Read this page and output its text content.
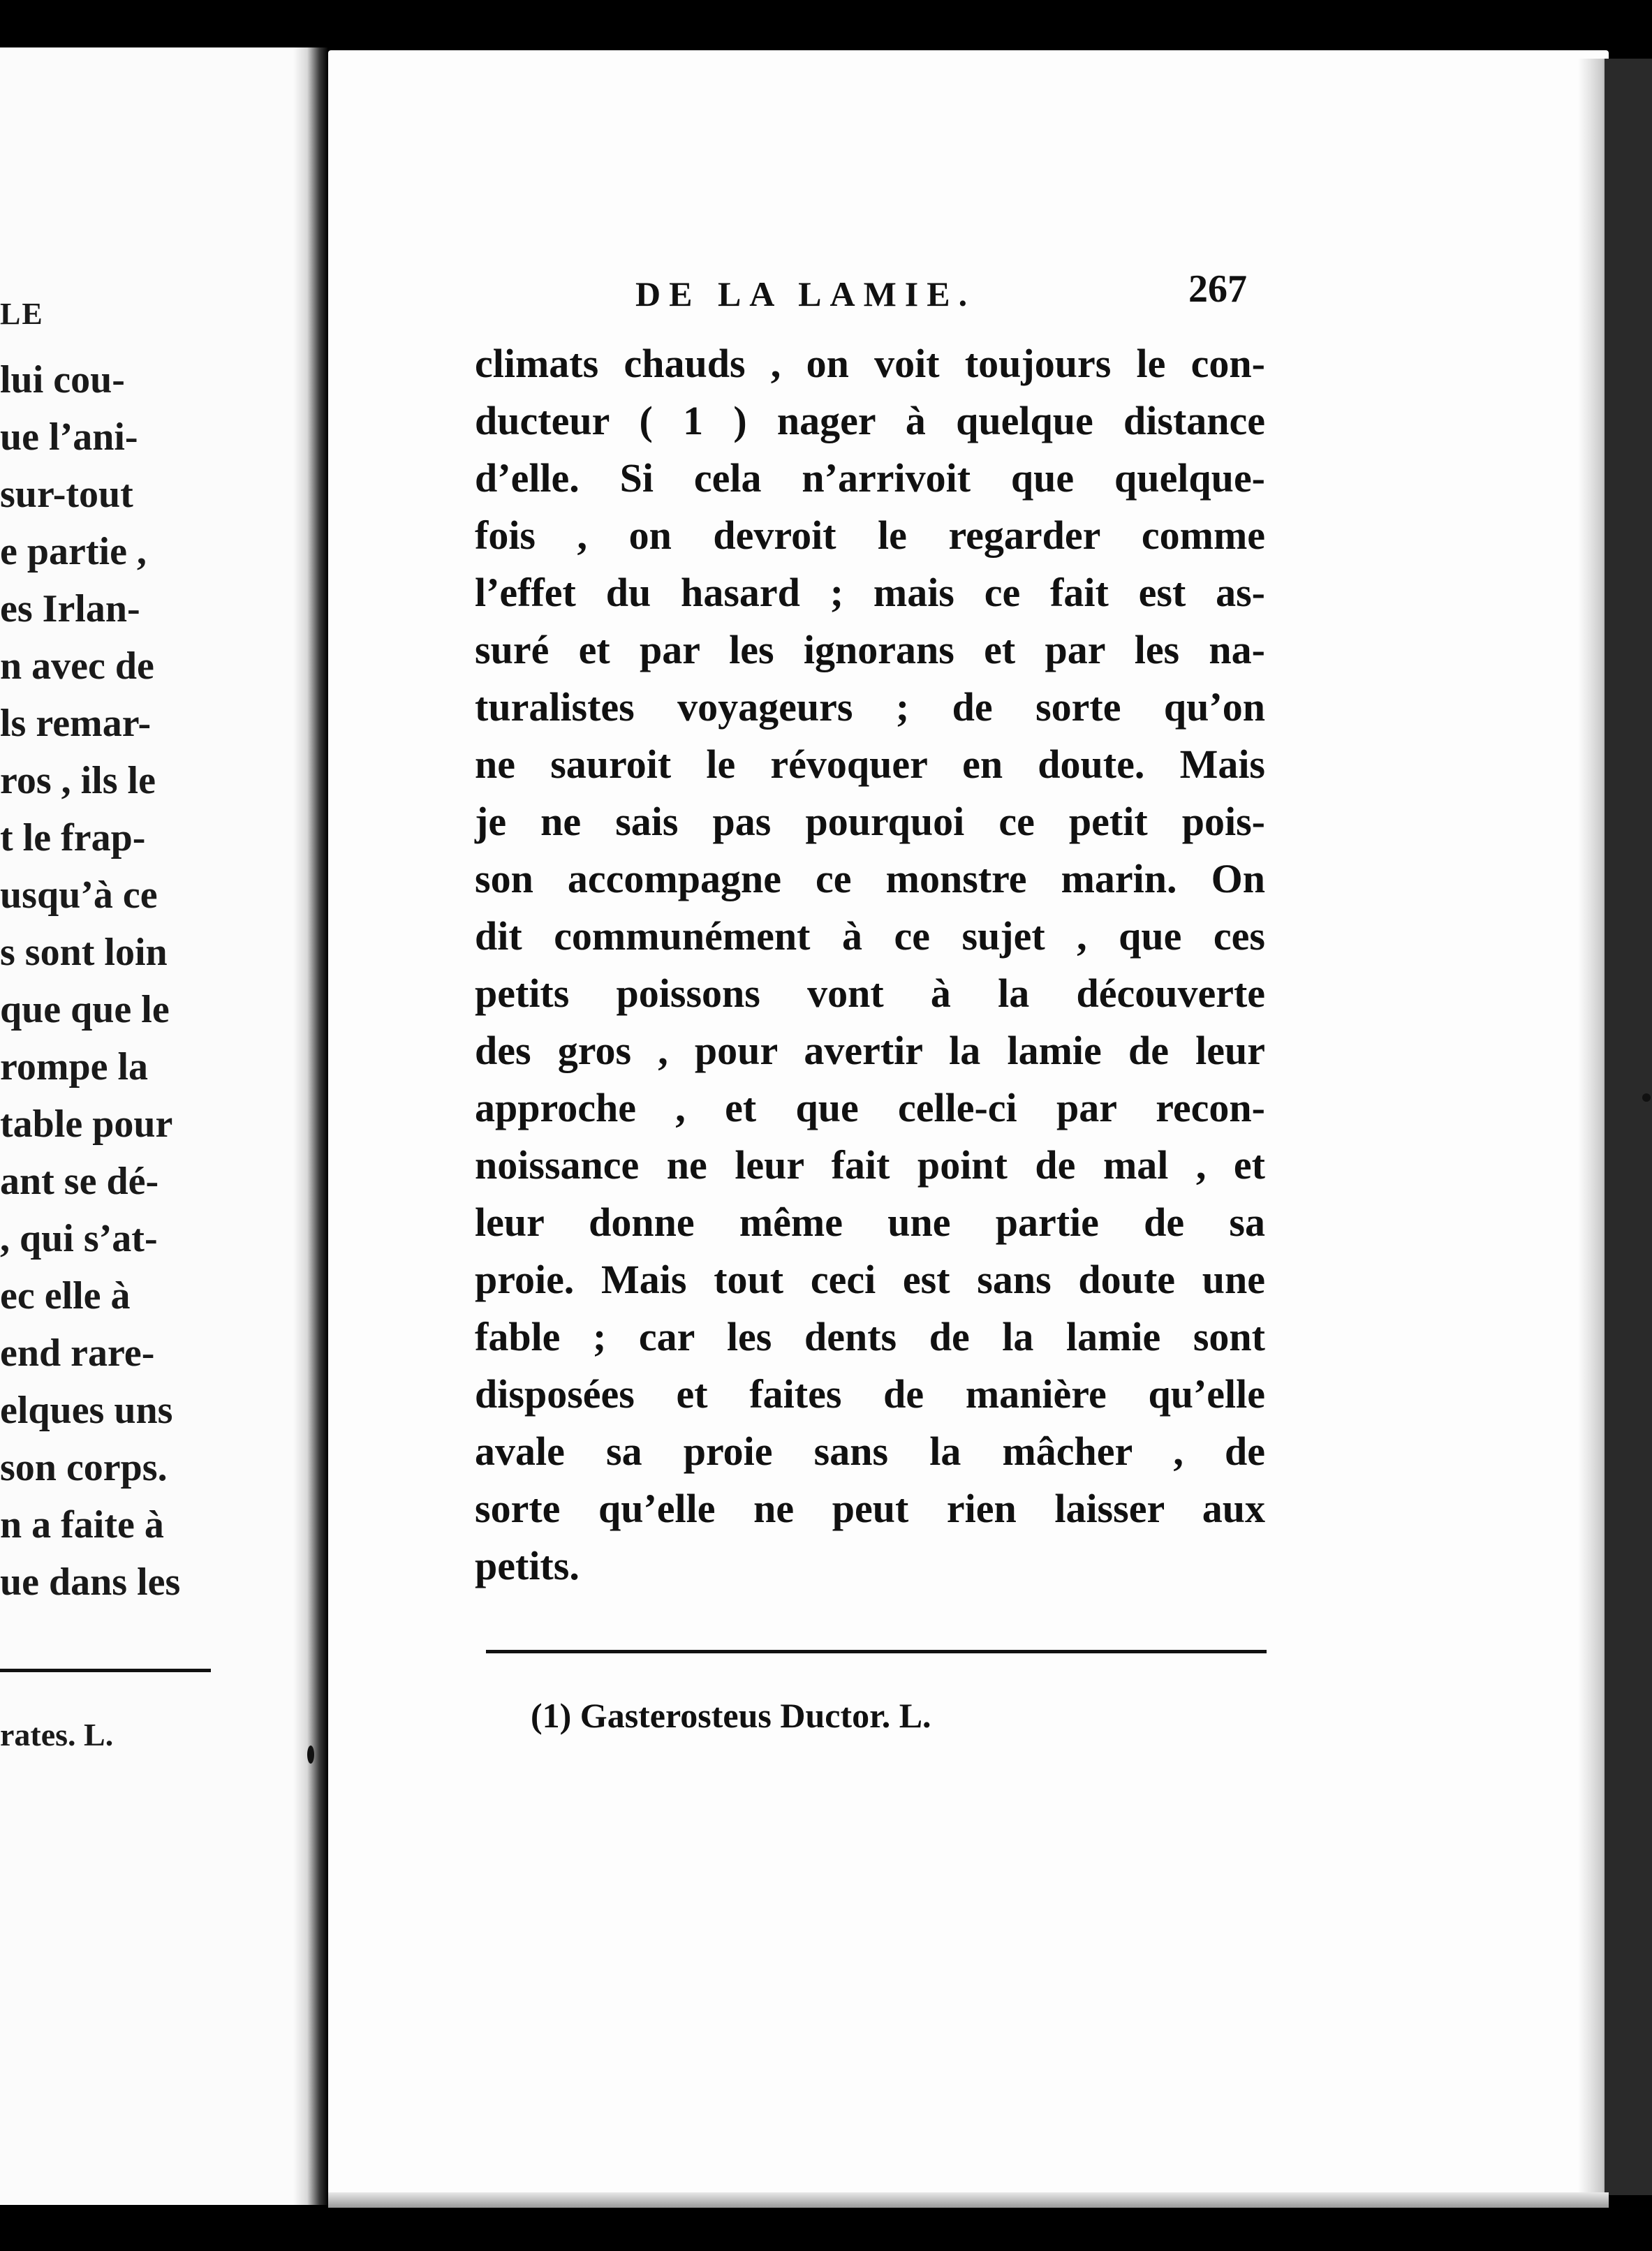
LE
lui cou-
ue l’ani-
sur-tout
e partie ,
es Irlan-
n avec de
ls remar-
ros , ils le
t le frap-
usqu’à ce
s sont loin
que que le
rompe la
table pour
ant se dé-
, qui s’at-
ec elle à
end rare-
elques uns
son corps.
n a faite à
ue dans les
rates. L.
DE LA LAMIE.	267
climats chauds , on voit toujours le con-
ducteur ( 1 ) nager à quelque distance
d’elle. Si cela n’arrivoit que quelque-
fois , on devroit le regarder comme
l’effet du hasard ; mais ce fait est as-
suré et par les ignorans et par les na-
turalistes voyageurs ; de sorte qu’on
ne sauroit le révoquer en doute. Mais
je ne sais pas pourquoi ce petit pois-
son accompagne ce monstre marin. On
dit communément à ce sujet , que ces
petits poissons vont à la découverte
des gros , pour avertir la lamie de leur
approche , et que celle-ci par recon-
noissance ne leur fait point de mal , et
leur donne même une partie de sa
proie. Mais tout ceci est sans doute une
fable ; car les dents de la lamie sont
disposées et faites de manière qu’elle
avale sa proie sans la mâcher , de
sorte qu’elle ne peut rien laisser aux
petits.
(1) Gasterosteus Ductor. L.
